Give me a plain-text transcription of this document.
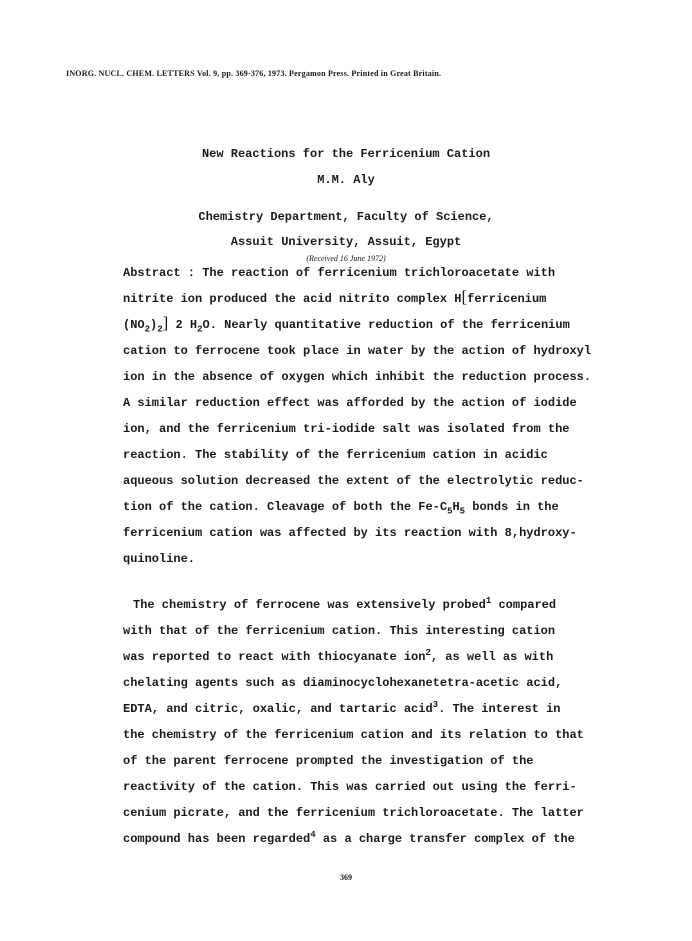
INORG. NUCL. CHEM. LETTERS Vol. 9, pp. 369-376, 1973. Pergamon Press. Printed in Great Britain.
New Reactions for the Ferricenium Cation
M.M. Aly
Chemistry Department, Faculty of Science,
Assuit University, Assuit, Egypt
(Received 16 June 1972)
Abstract : The reaction of ferricenium trichloroacetate with
nitrite ion produced the acid nitrito complex H[ferricenium
$(NO_2)_2$] 2 $H_2O$. Nearly quantitative reduction of the ferricenium
cation to ferrocene took place in water by the action of hydroxyl
ion in the absence of oxygen which inhibit the reduction process.
A similar reduction effect was afforded by the action of iodide
ion, and the ferricenium tri-iodide salt was isolated from the
reaction. The stability of the ferricenium cation in acidic
aqueous solution decreased the extent of the electrolytic reduc-
tion of the cation. Cleavage of both the $Fe-C_5H_5$ bonds in the
ferricenium cation was affected by its reaction with 8,hydroxy-
quinoline.
The chemistry of ferrocene was extensively probed$^1$ compared
with that of the ferricenium cation. This interesting cation
was reported to react with thiocyanate ion$^2$, as well as with
chelating agents such as diaminocyclohexanetetra-acetic acid,
EDTA, and citric, oxalic, and tartaric acid$^3$. The interest in
the chemistry of the ferricenium cation and its relation to that
of the parent ferrocene prompted the investigation of the
reactivity of the cation. This was carried out using the ferri-
cenium picrate, and the ferricenium trichloroacetate. The latter
compound has been regarded$^4$ as a charge transfer complex of the
369
